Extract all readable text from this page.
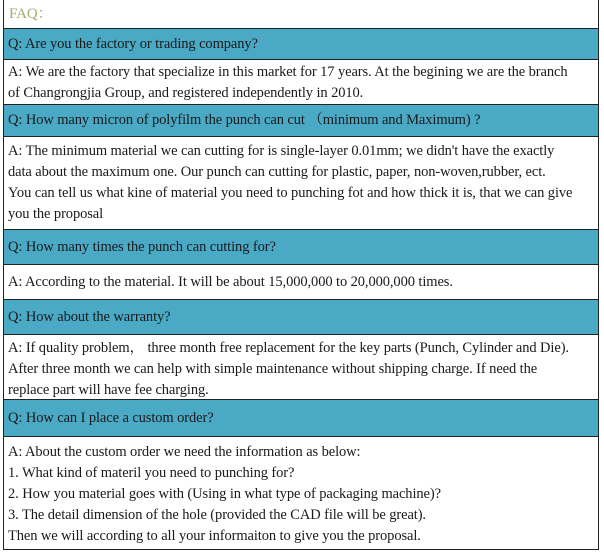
FAQ：
Q: Are you the factory or trading company?
A: We are the factory that specialize in this market for 17 years. At the begining we are the branch
of Changrongjia Group, and registered independently in 2010.
Q: How many micron of polyfilm the punch can cut （minimum and Maximum) ?
A: The minimum material we can cutting for is single-layer 0.01mm; we didn't have the exactly
data about the maximum one. Our punch can cutting for plastic, paper, non-woven,rubber, ect.
You can tell us what kine of material you need to punching fot and how thick it is, that we can give
you the proposal
Q: How many times the punch can cutting for?
A: According to the material. It will be about 15,000,000 to 20,000,000 times.
Q: How about the warranty?
A: If quality problem， three month free replacement for the key parts (Punch, Cylinder and Die).
After three month we can help with simple maintenance without shipping charge. If need the
replace part will have fee charging.
Q: How can I place a custom order?
A: About the custom order we need the information as below:
1. What kind of materil you need to punching for?
2. How you material goes with (Using in what type of packaging machine)?
3. The detail dimension of the hole (provided the CAD file will be great).
Then we will according to all your informaiton to give you the proposal.
